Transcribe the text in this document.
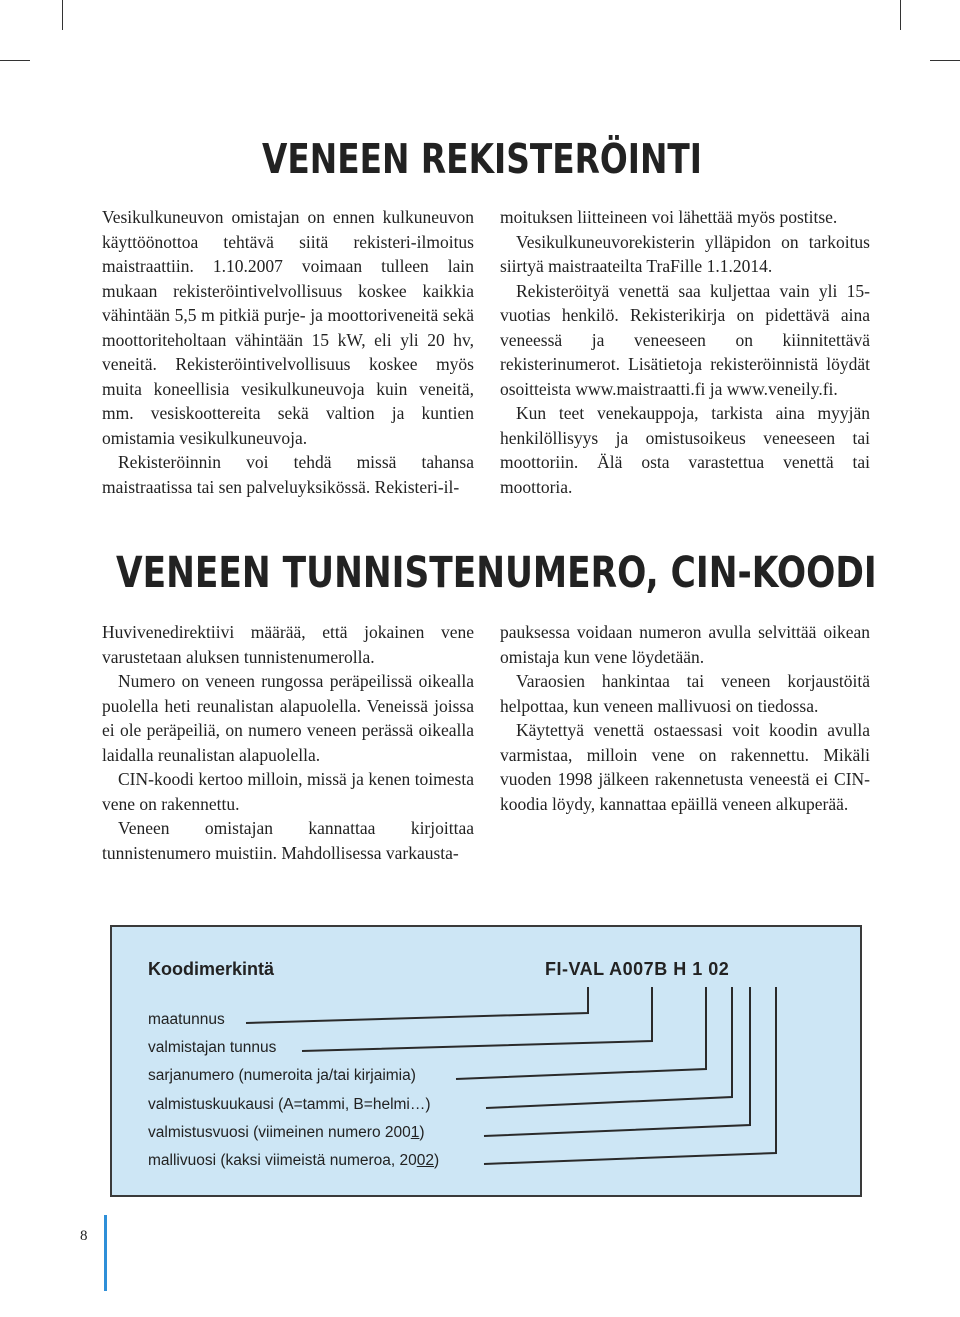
VENEEN REKISTERÖINTI

Vesikulkuneuvon omistajan on ennen kulkuneuvon käyttöönottoa tehtävä siitä rekisteri-ilmoitus maistraattiin. 1.10.2007 voimaan tulleen lain mukaan rekisteröintivelvollisuus koskee kaikkia vähintään 5,5 m pitkiä purje- ja moottoriveneitä sekä moottoriteholtaan vähintään 15 kW, eli yli 20 hv, veneitä. Rekisteröintivelvollisuus koskee myös muita koneellisia vesikulkuneuvoja kuin veneitä, mm. vesiskoottereita sekä valtion ja kuntien omistamia vesikulkuneuvoja.

Rekisteröinnin voi tehdä missä tahansa maistraatissa tai sen palveluyksikössä. Rekisteri-il-

moituksen liitteineen voi lähettää myös postitse.

Vesikulkuneuvorekisterin ylläpidon on tarkoitus siirtyä maistraateilta TraFille 1.1.2014.

Rekisteröityä venettä saa kuljettaa vain yli 15-vuotias henkilö. Rekisterikirja on pidettävä aina veneessä ja veneeseen on kiinnitettävä rekisterinumerot. Lisätietoja rekisteröinnistä löydät osoitteista www.maistraatti.fi ja www.veneily.fi.

Kun teet venekauppoja, tarkista aina myyjän henkilöllisyys ja omistusoikeus veneeseen tai moottoriin. Älä osta varastettua venettä tai moottoria.

VENEEN TUNNISTENUMERO, CIN-KOODI

Huvivenedirektiivi määrää, että jokainen vene varustetaan aluksen tunnistenumerolla.

Numero on veneen rungossa peräpeilissä oikealla puolella heti reunalistan alapuolella. Veneissä joissa ei ole peräpeiliä, on numero veneen perässä oikealla laidalla reunalistan alapuolella.

CIN-koodi kertoo milloin, missä ja kenen toimesta vene on rakennettu.

Veneen omistajan kannattaa kirjoittaa tunnistenumero muistiin. Mahdollisessa varkausta-

pauksessa voidaan numeron avulla selvittää oikean omistaja kun vene löydetään.

Varaosien hankintaa tai veneen korjaustöitä helpottaa, kun veneen mallivuosi on tiedossa.

Käytettyä venettä ostaessasi voit koodin avulla varmistaa, milloin vene on rakennettu. Mikäli vuoden 1998 jälkeen rakennetusta veneestä ei CIN-koodia löydy, kannattaa epäillä veneen alkuperää.

Koodimerkintä	FI-VAL A007B H 1 02
maatunnus
valmistajan tunnus
sarjanumero (numeroita ja/tai kirjaimia)
valmistuskuukausi (A=tammi, B=helmi…)
valmistusvuosi (viimeinen numero 2001)
mallivuosi (kaksi viimeistä numeroa, 2002)
8
